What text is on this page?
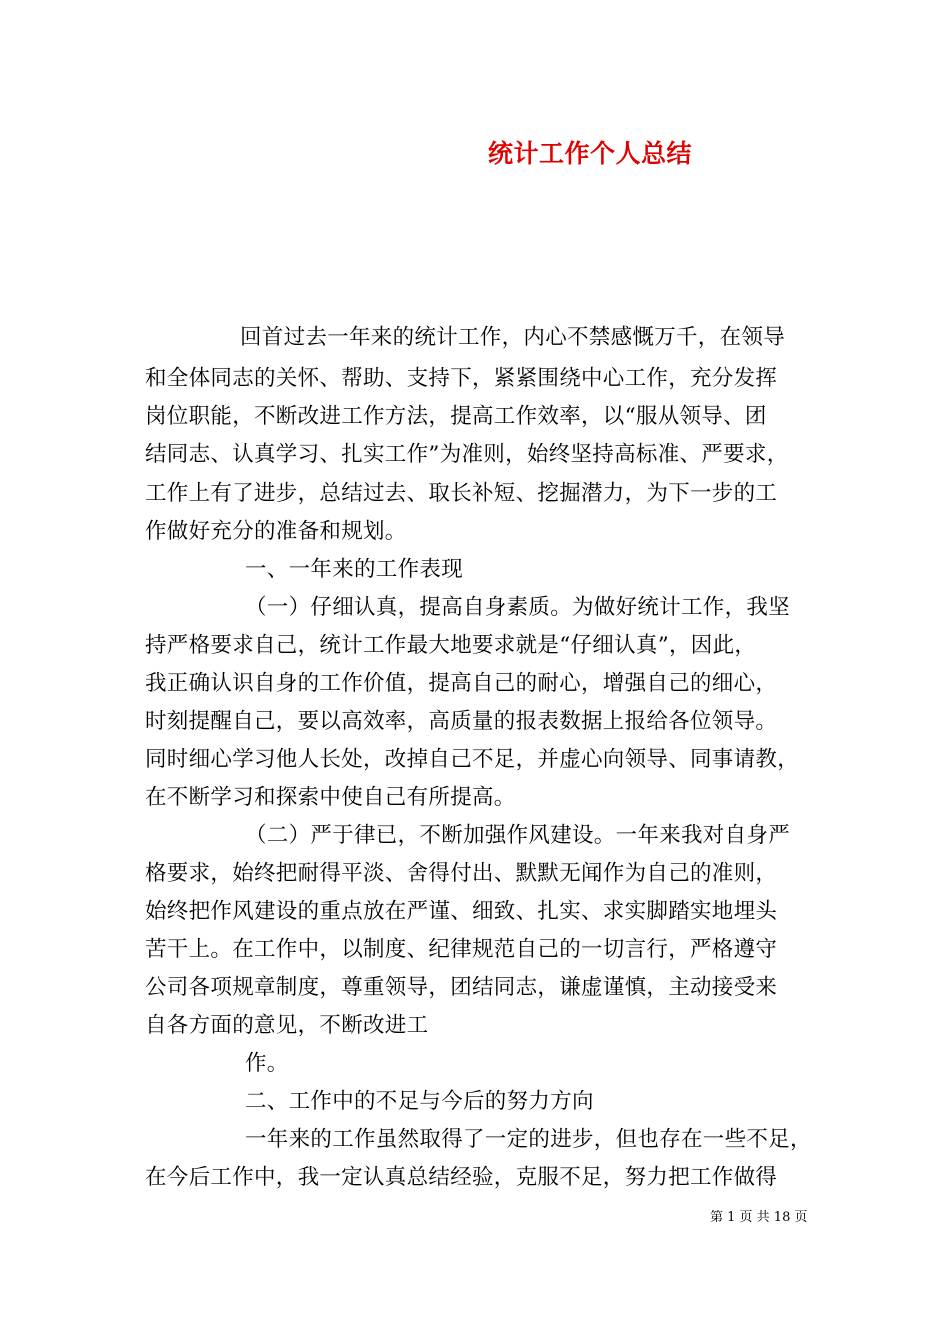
统计工作个人总结
回首过去一年来的统计工作，内心不禁感慨万千，在领导
和全体同志的关怀、帮助、支持下，紧紧围绕中心工作，充分发挥
岗位职能，不断改进工作方法，提高工作效率，以“服从领导、团
结同志、认真学习、扎实工作”为准则，始终坚持高标准、严要求，
工作上有了进步，总结过去、取长补短、挖掘潜力，为下一步的工
作做好充分的准备和规划。
一、一年来的工作表现
（一）仔细认真，提高自身素质。为做好统计工作，我坚
持严格要求自己，统计工作最大地要求就是“仔细认真”，因此，
我正确认识自身的工作价值，提高自己的耐心，增强自己的细心，
时刻提醒自己，要以高效率，高质量的报表数据上报给各位领导。
同时细心学习他人长处，改掉自己不足，并虚心向领导、同事请教，
在不断学习和探索中使自己有所提高。
（二）严于律已，不断加强作风建设。一年来我对自身严
格要求，始终把耐得平淡、舍得付出、默默无闻作为自己的准则，
始终把作风建设的重点放在严谨、细致、扎实、求实脚踏实地埋头
苦干上。在工作中，以制度、纪律规范自己的一切言行，严格遵守
公司各项规章制度，尊重领导，团结同志，谦虚谨慎，主动接受来
自各方面的意见，不断改进工
作。
二、工作中的不足与今后的努力方向
一年来的工作虽然取得了一定的进步，但也存在一些不足，
在今后工作中，我一定认真总结经验，克服不足，努力把工作做得
第 1 页 共 18 页
